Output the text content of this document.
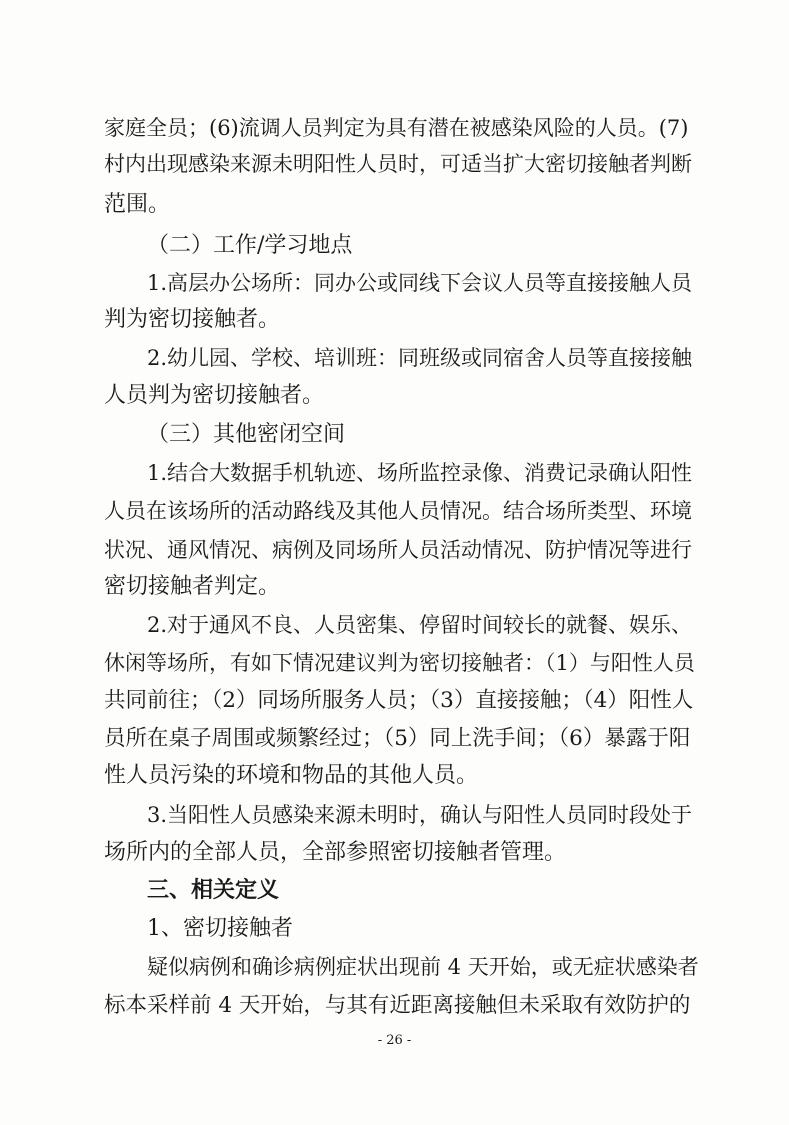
家庭全员；(6)流调人员判定为具有潜在被感染风险的人员。(7)
村内出现感染来源未明阳性人员时，可适当扩大密切接触者判断
范围。
（二）工作/学习地点
1.高层办公场所：同办公或同线下会议人员等直接接触人员
判为密切接触者。
2.幼儿园、学校、培训班：同班级或同宿舍人员等直接接触
人员判为密切接触者。
（三）其他密闭空间
1.结合大数据手机轨迹、场所监控录像、消费记录确认阳性
人员在该场所的活动路线及其他人员情况。结合场所类型、环境
状况、通风情况、病例及同场所人员活动情况、防护情况等进行
密切接触者判定。
2.对于通风不良、人员密集、停留时间较长的就餐、娱乐、
休闲等场所，有如下情况建议判为密切接触者：（1）与阳性人员
共同前往；（2）同场所服务人员；（3）直接接触；（4）阳性人
员所在桌子周围或频繁经过；（5）同上洗手间；（6）暴露于阳
性人员污染的环境和物品的其他人员。
3.当阳性人员感染来源未明时，确认与阳性人员同时段处于
场所内的全部人员，全部参照密切接触者管理。
三、相关定义
1、密切接触者
疑似病例和确诊病例症状出现前 4 天开始，或无症状感染者
标本采样前 4 天开始，与其有近距离接触但未采取有效防护的
- 26 -
